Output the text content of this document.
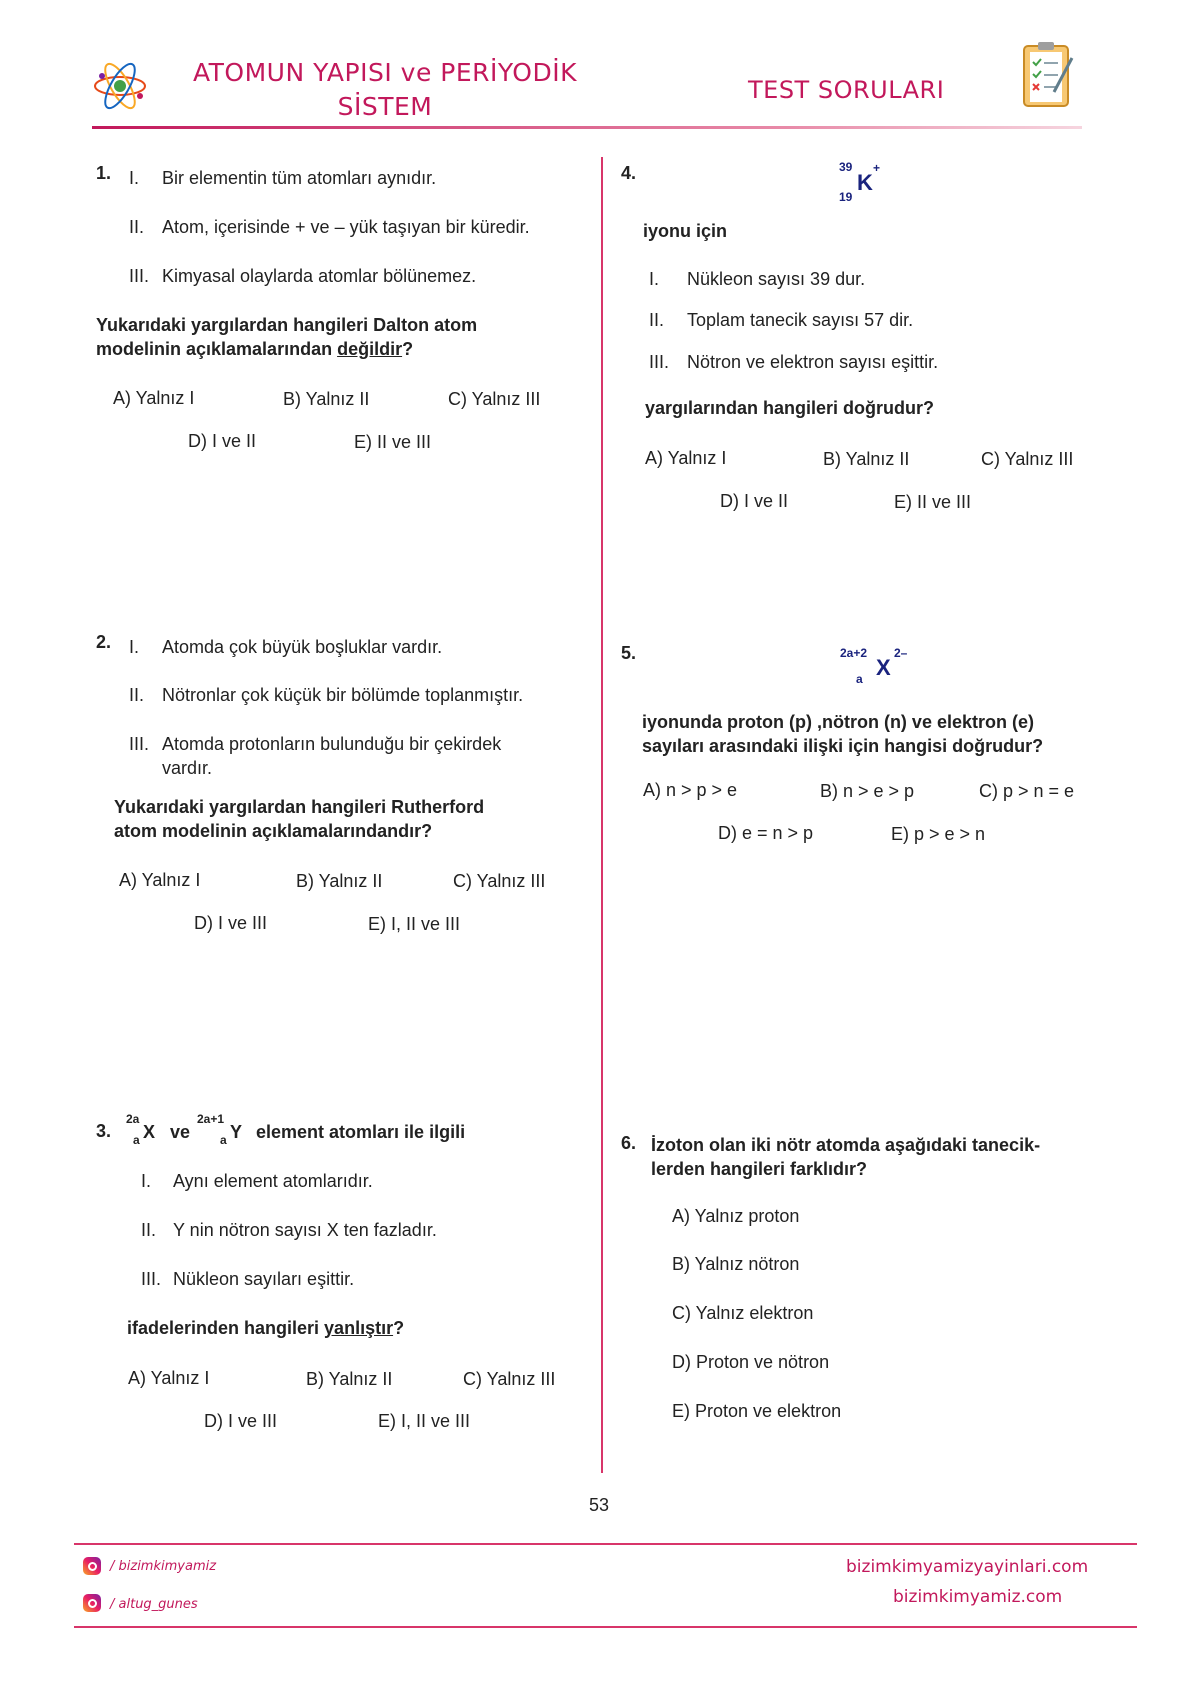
ATOMUN YAPISI ve PERİYODİK
SİSTEM
TEST SORULARI
1. I. Bir elementin tüm atomları aynıdır.
II. Atom, içerisinde + ve – yük taşıyan bir küredir.
III. Kimyasal olaylarda atomlar bölünemez.
Yukarıdaki yargılardan hangileri Dalton atom
modelinin açıklamalarından değildir?
A) Yalnız I	B) Yalnız II	C) Yalnız III
D) I ve II	E) II ve III
2. I. Atomda çok büyük boşluklar vardır.
II. Nötronlar çok küçük bir bölümde toplanmıştır.
III. Atomda protonların bulunduğu bir çekirdek
vardır.
Yukarıdaki yargılardan hangileri Rutherford
atom modelinin açıklamalarındandır?
A) Yalnız I	B) Yalnız II	C) Yalnız III
D) I ve III	E) I, II ve III
3.
2a
a X ve
2a+1
a Y element atomları ile ilgili
I. Aynı element atomlarıdır.
II. Y nin nötron sayısı X ten fazladır.
III. Nükleon sayıları eşittir.
ifadelerinden hangileri yanlıştır?
A) Yalnız I	B) Yalnız II	C) Yalnız III
D) I ve III	E) I, II ve III
4.	39
19
K
+
iyonu için
I. Nükleon sayısı 39 dur.
II. Toplam tanecik sayısı 57 dir.
III. Nötron ve elektron sayısı eşittir.
yargılarından hangileri doğrudur?
A) Yalnız I	B) Yalnız II	C) Yalnız III
D) I ve II	E) II ve III
5.	2a+2
a X
2–
iyonunda proton (p) ,nötron (n) ve elektron (e)
sayıları arasındaki ilişki için hangisi doğrudur?
A) n > p > e	B) n > e > p	C) p > n = e
D) e = n > p	E) p > e > n
6. İzoton olan iki nötr atomda aşağıdaki tanecik-
lerden hangileri farklıdır?
A) Yalnız proton
B) Yalnız nötron
C) Yalnız elektron
D) Proton ve nötron
E) Proton ve elektron
53
/ bizimkimyamiz
/ altug_gunes
bizimkimyamizyayinlari.com
bizimkimyamiz.com
